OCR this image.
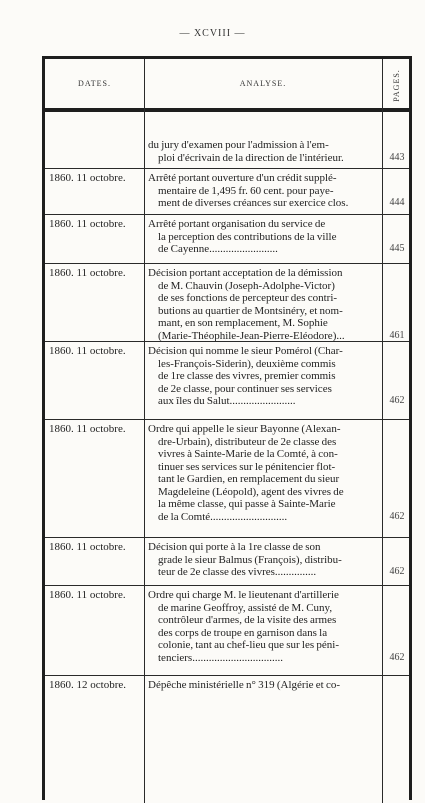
— XCVIII —
DATES.	ANALYSE.	PAGES.
du jury d'examen pour l'admission à l'em-
ploi d'écrivain de la direction de l'intérieur.	443
1860. 11 octobre.	Arrêté portant ouverture d'un crédit supplé-
mentaire de 1,495 fr. 60 cent. pour paye-
ment de diverses créances sur exercice clos.	444
1860. 11 octobre.	Arrêté portant organisation du service de
la perception des contributions de la ville
de Cayenne.........................	445
1860. 11 octobre.	Décision portant acceptation de la démission
de M. Chauvin (Joseph-Adolphe-Victor)
de ses fonctions de percepteur des contri-
butions au quartier de Montsinéry, et nom-
mant, en son remplacement, M. Sophie
(Marie-Théophile-Jean-Pierre-Eléodore)...	461
1860. 11 octobre.	Décision qui nomme le sieur Pomérol (Char-
les-François-Siderin), deuxième commis
de 1re classe des vivres, premier commis
de 2e classe, pour continuer ses services
aux îles du Salut........................	462
1860. 11 octobre.	Ordre qui appelle le sieur Bayonne (Alexan-
dre-Urbain), distributeur de 2e classe des
vivres à Sainte-Marie de la Comté, à con-
tinuer ses services sur le pénitencier flot-
tant le Gardien, en remplacement du sieur
Magdeleine (Léopold), agent des vivres de
la même classe, qui passe à Sainte-Marie
de la Comté............................	462
1860. 11 octobre.	Décision qui porte à la 1re classe de son
grade le sieur Balmus (François), distribu-
teur de 2e classe des vivres...............	462
1860. 11 octobre.	Ordre qui charge M. le lieutenant d'artillerie
de marine Geoffroy, assisté de M. Cuny,
contrôleur d'armes, de la visite des armes
des corps de troupe en garnison dans la
colonie, tant au chef-lieu que sur les péni-
tenciers.................................	462
1860. 12 octobre.	Dépêche ministérielle n° 319 (Algérie et co-
